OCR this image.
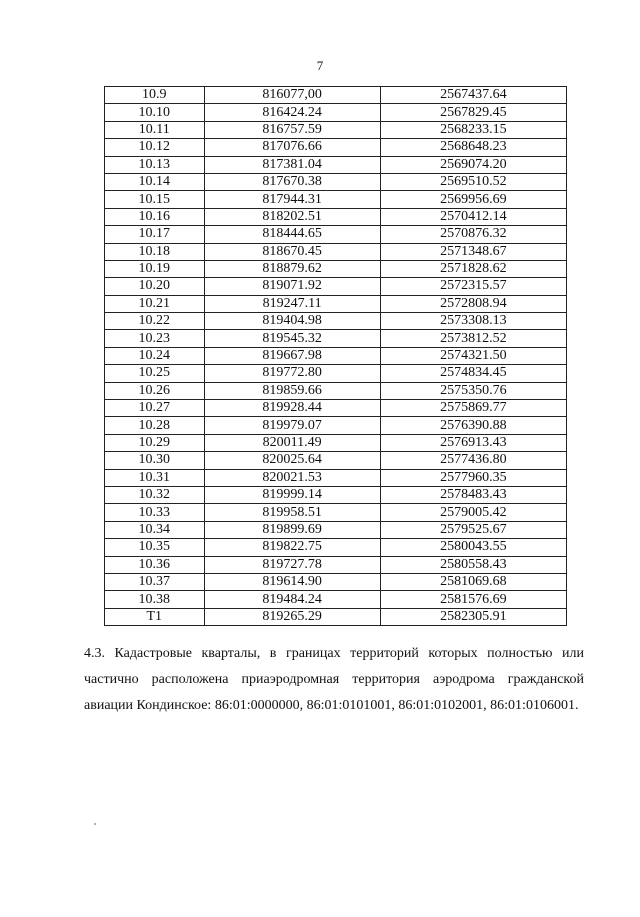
7
10.9	816077,00	2567437.64
10.10	816424.24	2567829.45
10.11	816757.59	2568233.15
10.12	817076.66	2568648.23
10.13	817381.04	2569074.20
10.14	817670.38	2569510.52
10.15	817944.31	2569956.69
10.16	818202.51	2570412.14
10.17	818444.65	2570876.32
10.18	818670.45	2571348.67
10.19	818879.62	2571828.62
10.20	819071.92	2572315.57
10.21	819247.11	2572808.94
10.22	819404.98	2573308.13
10.23	819545.32	2573812.52
10.24	819667.98	2574321.50
10.25	819772.80	2574834.45
10.26	819859.66	2575350.76
10.27	819928.44	2575869.77
10.28	819979.07	2576390.88
10.29	820011.49	2576913.43
10.30	820025.64	2577436.80
10.31	820021.53	2577960.35
10.32	819999.14	2578483.43
10.33	819958.51	2579005.42
10.34	819899.69	2579525.67
10.35	819822.75	2580043.55
10.36	819727.78	2580558.43
10.37	819614.90	2581069.68
10.38	819484.24	2581576.69
T1	819265.29	2582305.91
4.3. Кадастровые кварталы, в границах территорий которых полностью или частично расположена приаэродромная территория аэродрома гражданской авиации Кондинское: 86:01:0000000, 86:01:0101001, 86:01:0102001, 86:01:0106001.
